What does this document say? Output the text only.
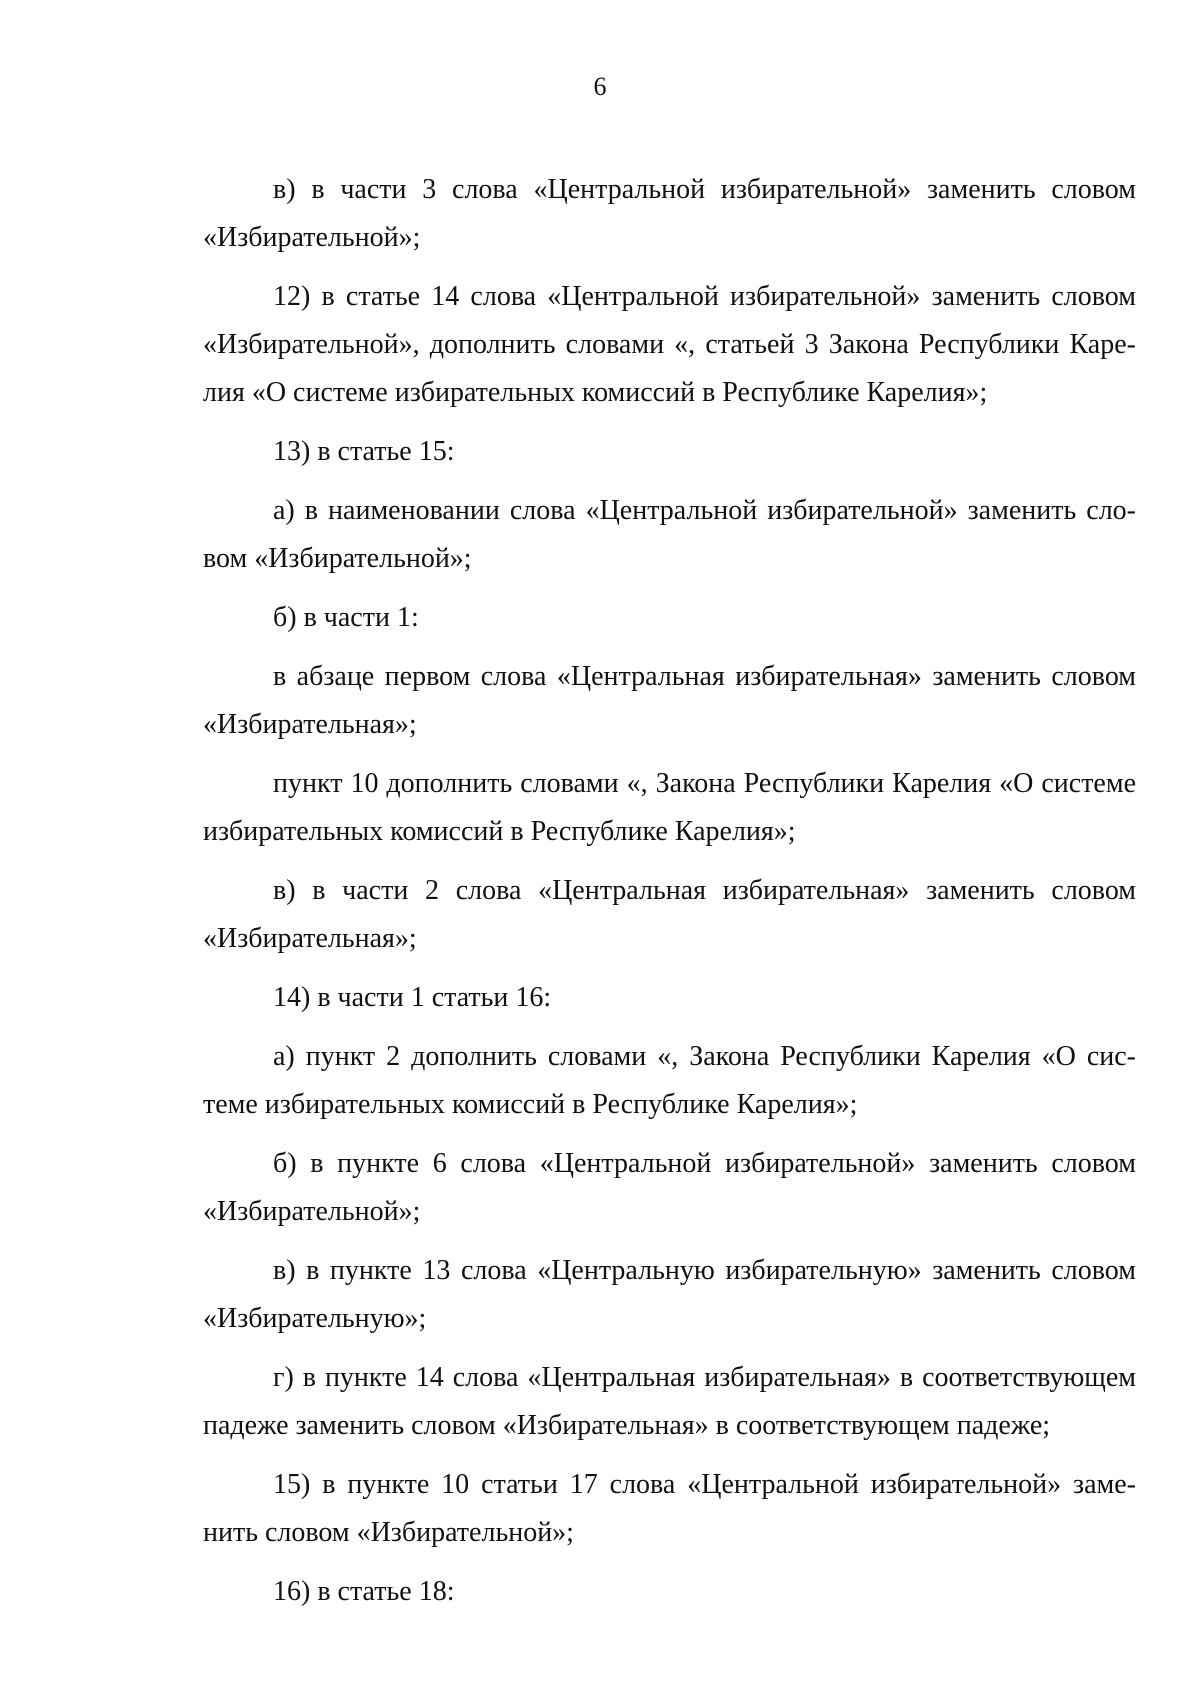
6

в) в части 3 слова «Центральной избирательной» заменить словом «Избирательной»;

12) в статье 14 слова «Центральной избирательной» заменить словом «Избирательной», дополнить словами «, статьей 3 Закона Республики Карелия «О системе избирательных комиссий в Республике Карелия»;

13) в статье 15:

а) в наименовании слова «Центральной избирательной» заменить словом «Избирательной»;

б) в части 1:

в абзаце первом слова «Центральная избирательная» заменить словом «Избирательная»;

пункт 10 дополнить словами «, Закона Республики Карелия «О системе избирательных комиссий в Республике Карелия»;

в) в части 2 слова «Центральная избирательная» заменить словом «Избирательная»;

14) в части 1 статьи 16:

а) пункт 2 дополнить словами «, Закона Республики Карелия «О системе избирательных комиссий в Республике Карелия»;

б) в пункте 6 слова «Центральной избирательной» заменить словом «Избирательной»;

в) в пункте 13 слова «Центральную избирательную» заменить словом «Избирательную»;

г) в пункте 14 слова «Центральная избирательная» в соответствующем падеже заменить словом «Избирательная» в соответствующем падеже;

15) в пункте 10 статьи 17 слова «Центральной избирательной» заменить словом «Избирательной»;

16) в статье 18:
